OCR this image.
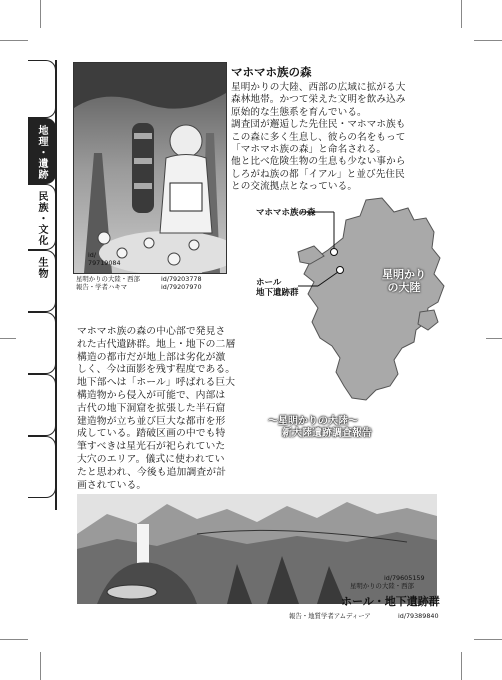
地理・遺跡
民族・文化
生物
id/
79719084
星明かりの大陸・西部	id/79203778
報告・学者ハキマ	id/79207970
マホマホ族の森
星明かりの大陸、西部の広域に拡がる大
森林地帯。かつて栄えた文明を飲み込み
原始的な生態系を育んでいる。
調査団が邂逅した先住民・マホマホ族も
この森に多く生息し、彼らの名をもって
「マホマホ族の森」と命名される。
他と比べ危険生物の生息も少ない事から
しろがね族の都「イアル」と並び先住民
との交流拠点となっている。
マホマホ族の森
ホール
地下遺跡群
星明かり
の大陸
〜星明かりの大陸〜
新大陸遺跡調査報告
マホマホ族の森の中心部で発見さ
れた古代遺跡群。地上・地下の二層
構造の都市だが地上部は劣化が激
しく、今は面影を残す程度である。
地下部へは「ホール」呼ばれる巨大
構造物から侵入が可能で、内部は
古代の地下洞窟を拡張した半石窟
建造物が立ち並び巨大な都市を形
成している。踏破区画の中でも特
筆すべきは星光石が祀られていた
大穴のエリア。儀式に使われてい
たと思われ、今後も追加調査が計
画されている。
id/79605159
星明かりの大陸・西部
ホール・地下遺跡群
報告・地質学者アムディーア	id/79389840
